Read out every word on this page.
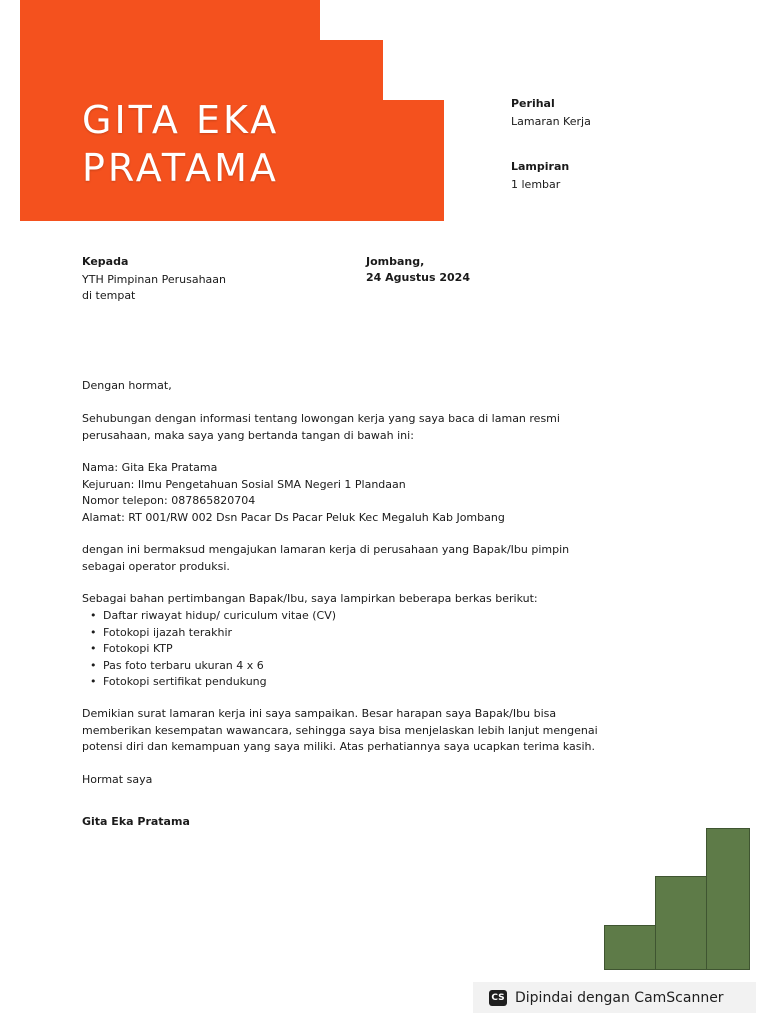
GITA EKA
PRATAMA
Perihal
Lamaran Kerja
Lampiran
1 lembar
Kepada
YTH Pimpinan Perusahaan
di tempat
Jombang,
24 Agustus 2024

Dengan hormat,

Sehubungan dengan informasi tentang lowongan kerja yang saya baca di laman resmi

perusahaan, maka saya yang bertanda tangan di bawah ini:

Nama: Gita Eka Pratama

Kejuruan: Ilmu Pengetahuan Sosial SMA Negeri 1 Plandaan

Nomor telepon: 087865820704

Alamat: RT 001/RW 002 Dsn Pacar Ds Pacar Peluk Kec Megaluh Kab Jombang

dengan ini bermaksud mengajukan lamaran kerja di perusahaan yang Bapak/Ibu pimpin

sebagai operator produksi.

Sebagai bahan pertimbangan Bapak/Ibu, saya lampirkan beberapa berkas berikut:

• Daftar riwayat hidup/ curiculum vitae (CV)
• Fotokopi ijazah terakhir
• Fotokopi KTP
• Pas foto terbaru ukuran 4 x 6
• Fotokopi sertifikat pendukung

Demikian surat lamaran kerja ini saya sampaikan. Besar harapan saya Bapak/Ibu bisa

memberikan kesempatan wawancara, sehingga saya bisa menjelaskan lebih lanjut mengenai

potensi diri dan kemampuan yang saya miliki. Atas perhatiannya saya ucapkan terima kasih.

Hormat saya

Gita Eka Pratama
CS Dipindai dengan CamScanner
